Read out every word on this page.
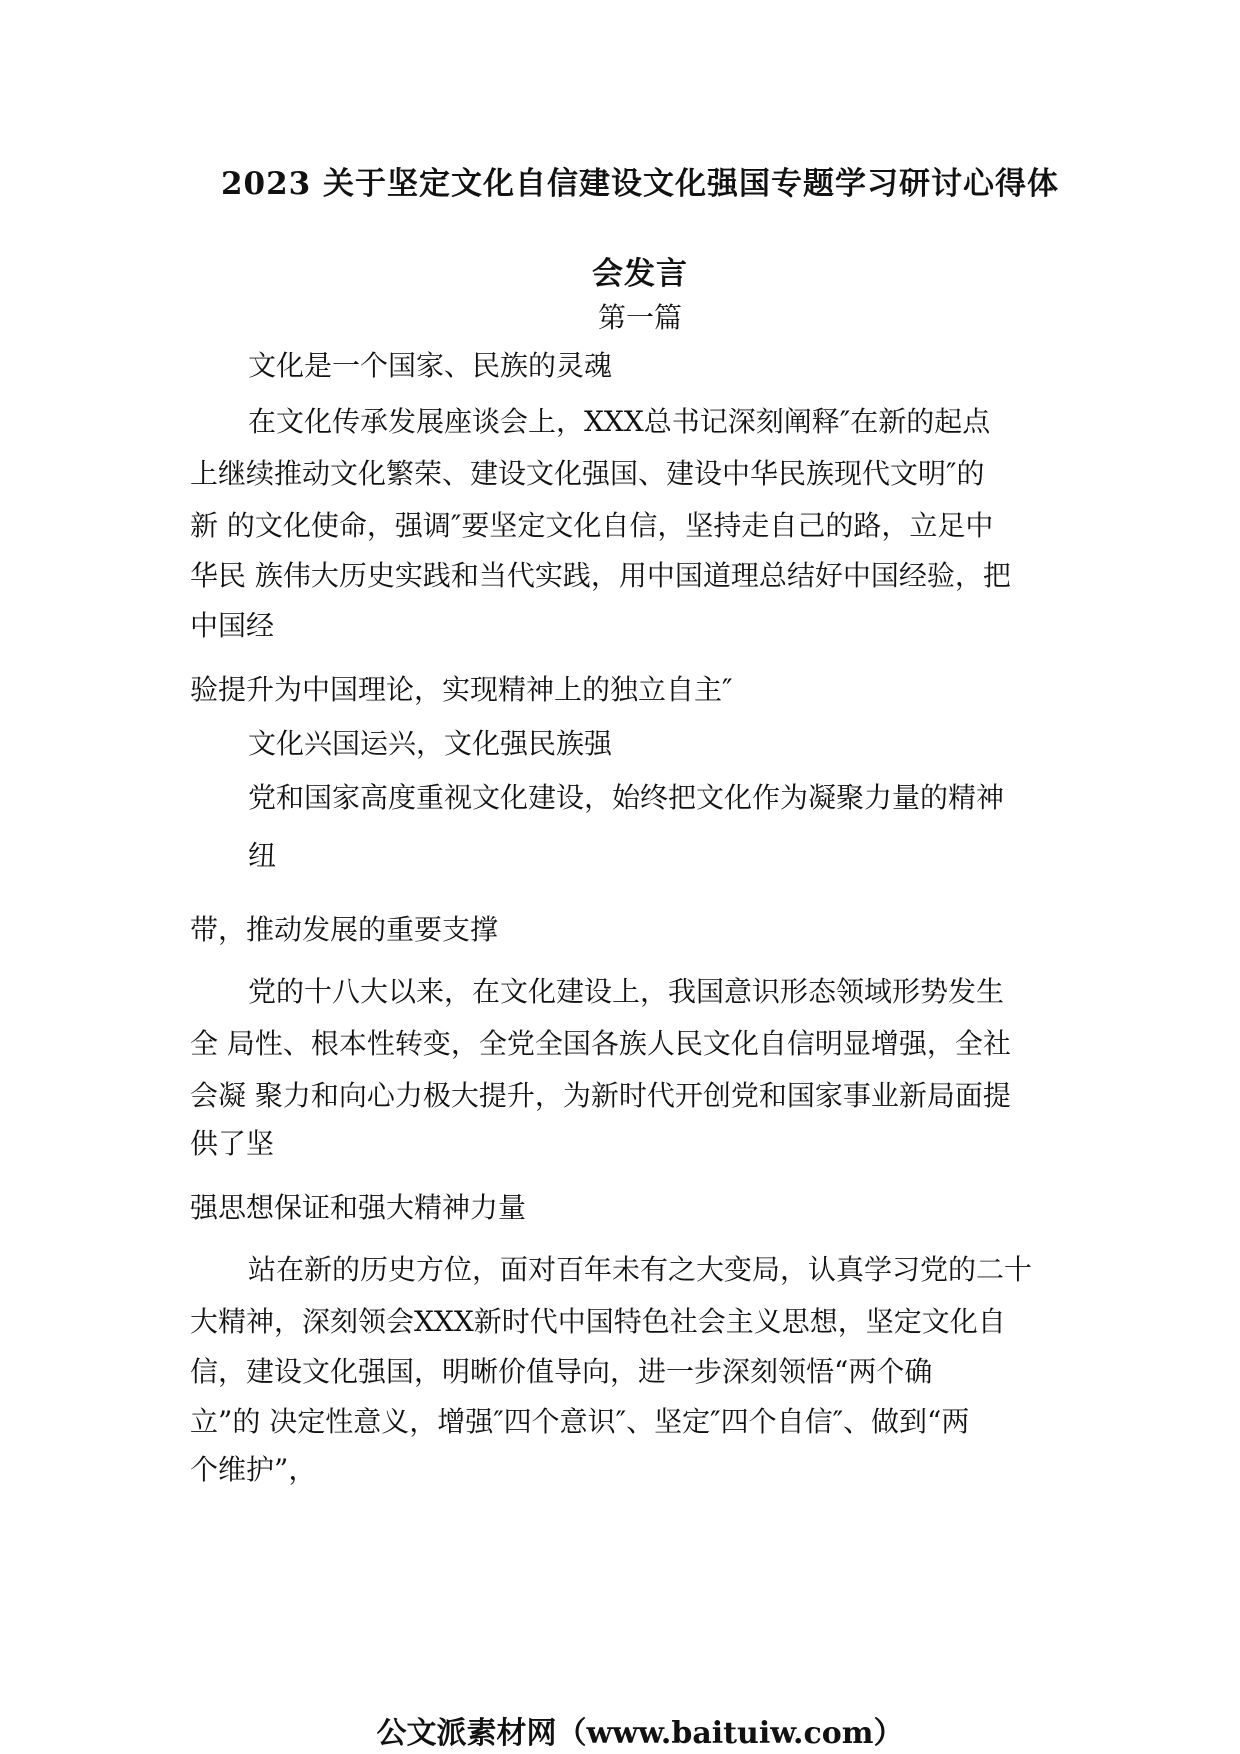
2023 关于坚定文化自信建设文化强国专题学习研讨心得体
会发言
第一篇
文化是一个国家、民族的灵魂
在文化传承发展座谈会上，XXX总书记深刻阐释″在新的起点
上继续推动文化繁荣、建设文化强国、建设中华民族现代文明″的
新 的文化使命，强调″要坚定文化自信，坚持走自己的路，立足中
华民 族伟大历史实践和当代实践，用中国道理总结好中国经验，把
中国经
验提升为中国理论，实现精神上的独立自主″
文化兴国运兴，文化强民族强
党和国家高度重视文化建设，始终把文化作为凝聚力量的精神
纽
带，推动发展的重要支撑
党的十八大以来，在文化建设上，我国意识形态领域形势发生
全 局性、根本性转变，全党全国各族人民文化自信明显增强，全社
会凝 聚力和向心力极大提升，为新时代开创党和国家事业新局面提
供了坚
强思想保证和强大精神力量
站在新的历史方位，面对百年未有之大变局，认真学习党的二十
大精神，深刻领会XXX新时代中国特色社会主义思想，坚定文化自
信，建设文化强国，明晰价值导向，进一步深刻领悟“两个确
立”的 决定性意义，增强″四个意识″、坚定″四个自信″、做到“两
个维护”，
公文派素材网（www.baituiw.com）
